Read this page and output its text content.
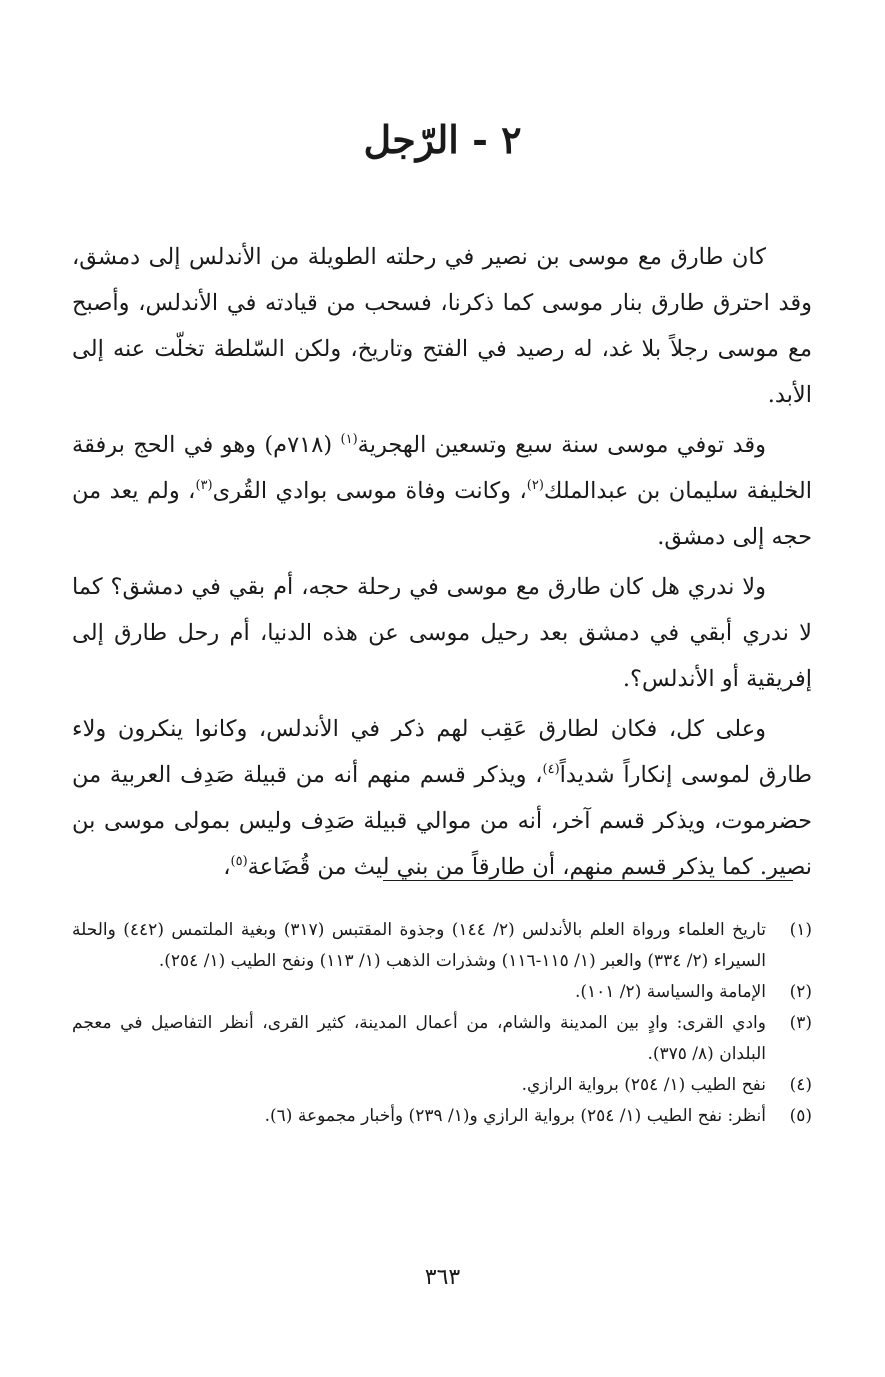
٢ - الرّجل

كان طارق مع موسى بن نصير في رحلته الطويلة من الأندلس إلى دمشق، وقد احترق طارق بنار موسى كما ذكرنا، فسحب من قيادته في الأندلس، وأصبح مع موسى رجلاً بلا غد، له رصيد في الفتح وتاريخ، ولكن السّلطة تخلّت عنه إلى الأبد.

وقد توفي موسى سنة سبع وتسعين الهجرية$^{(١)}$ (٧١٨م) وهو في الحج برفقة الخليفة سليمان بن عبدالملك$^{(٢)}$، وكانت وفاة موسى بوادي القُرى$^{(٣)}$، ولم يعد من حجه إلى دمشق.

ولا ندري هل كان طارق مع موسى في رحلة حجه، أم بقي في دمشق؟ كما لا ندري أبقي في دمشق بعد رحيل موسى عن هذه الدنيا، أم رحل طارق إلى إفريقية أو الأندلس؟.

وعلى كل، فكان لطارق عَقِب لهم ذكر في الأندلس، وكانوا ينكرون ولاء طارق لموسى إنكاراً شديداً$^{(٤)}$، ويذكر قسم منهم أنه من قبيلة صَدِف العربية من حضرموت، ويذكر قسم آخر، أنه من موالي قبيلة صَدِف وليس بمولى موسى بن نصير. كما يذكر قسم منهم، أن طارقاً من بني ليث من قُضَاعة$^{(٥)}$،

(١)
تاريخ العلماء ورواة العلم بالأندلس (٢/ ١٤٤) وجذوة المقتبس (٣١٧) وبغية الملتمس (٤٤٢) والحلة السيراء (٢/ ٣٣٤) والعبر (١/ ١١٥-١١٦) وشذرات الذهب (١/ ١١٣) ونفح الطيب (١/ ٢٥٤).
(٢)
الإمامة والسياسة (٢/ ١٠١).
(٣)
وادي القرى: وادٍ بين المدينة والشام، من أعمال المدينة، كثير القرى، أنظر التفاصيل في معجم البلدان (٨/ ٣٧٥).
(٤)
نفح الطيب (١/ ٢٥٤) برواية الرازي.
(٥)
أنظر: نفح الطيب (١/ ٢٥٤) برواية الرازي و(١/ ٢٣٩) وأخبار مجموعة (٦).
٣٦٣
